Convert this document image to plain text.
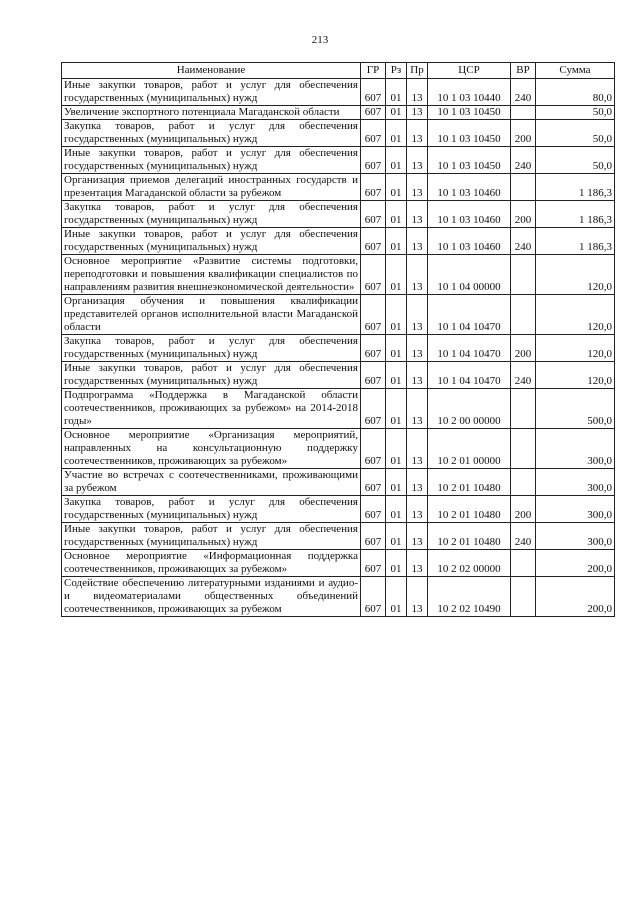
213
Наименование	ГР	Рз	Пр	ЦСР	ВР	Сумма
Иные закупки товаров, работ и услуг для обеспечения государственных (муниципальных) нужд	607	01	13	10 1 03 10440	240	80,0
Увеличение экспортного потенциала Магаданской области	607	01	13	10 1 03 10450		50,0
Закупка товаров, работ и услуг для обеспечения государственных (муниципальных) нужд	607	01	13	10 1 03 10450	200	50,0
Иные закупки товаров, работ и услуг для обеспечения государственных (муниципальных) нужд	607	01	13	10 1 03 10450	240	50,0
Организация приемов делегаций иностранных государств и презентация Магаданской области за рубежом	607	01	13	10 1 03 10460		1 186,3
Закупка товаров, работ и услуг для обеспечения государственных (муниципальных) нужд	607	01	13	10 1 03 10460	200	1 186,3
Иные закупки товаров, работ и услуг для обеспечения государственных (муниципальных) нужд	607	01	13	10 1 03 10460	240	1 186,3
Основное мероприятие «Развитие системы подготовки, переподготовки и повышения квалификации специалистов по направлениям развития внешнеэкономической деятельности»	607	01	13	10 1 04 00000		120,0
Организация обучения и повышения квалификации представителей органов исполнительной власти Магаданской области	607	01	13	10 1 04 10470		120,0
Закупка товаров, работ и услуг для обеспечения государственных (муниципальных) нужд	607	01	13	10 1 04 10470	200	120,0
Иные закупки товаров, работ и услуг для обеспечения государственных (муниципальных) нужд	607	01	13	10 1 04 10470	240	120,0
Подпрограмма «Поддержка в Магаданской области соотечественников, проживающих за рубежом» на 2014-2018 годы»	607	01	13	10 2 00 00000		500,0
Основное мероприятие «Организация мероприятий, направленных на консультационную поддержку соотечественников, проживающих за рубежом»	607	01	13	10 2 01 00000		300,0
Участие во встречах с соотечественниками, проживающими за рубежом	607	01	13	10 2 01 10480		300,0
Закупка товаров, работ и услуг для обеспечения государственных (муниципальных) нужд	607	01	13	10 2 01 10480	200	300,0
Иные закупки товаров, работ и услуг для обеспечения государственных (муниципальных) нужд	607	01	13	10 2 01 10480	240	300,0
Основное мероприятие «Информационная поддержка соотечественников, проживающих за рубежом»	607	01	13	10 2 02 00000		200,0
Содействие обеспечению литературными изданиями и аудио- и видеоматериалами общественных объединений соотечественников, проживающих за рубежом	607	01	13	10 2 02 10490		200,0
